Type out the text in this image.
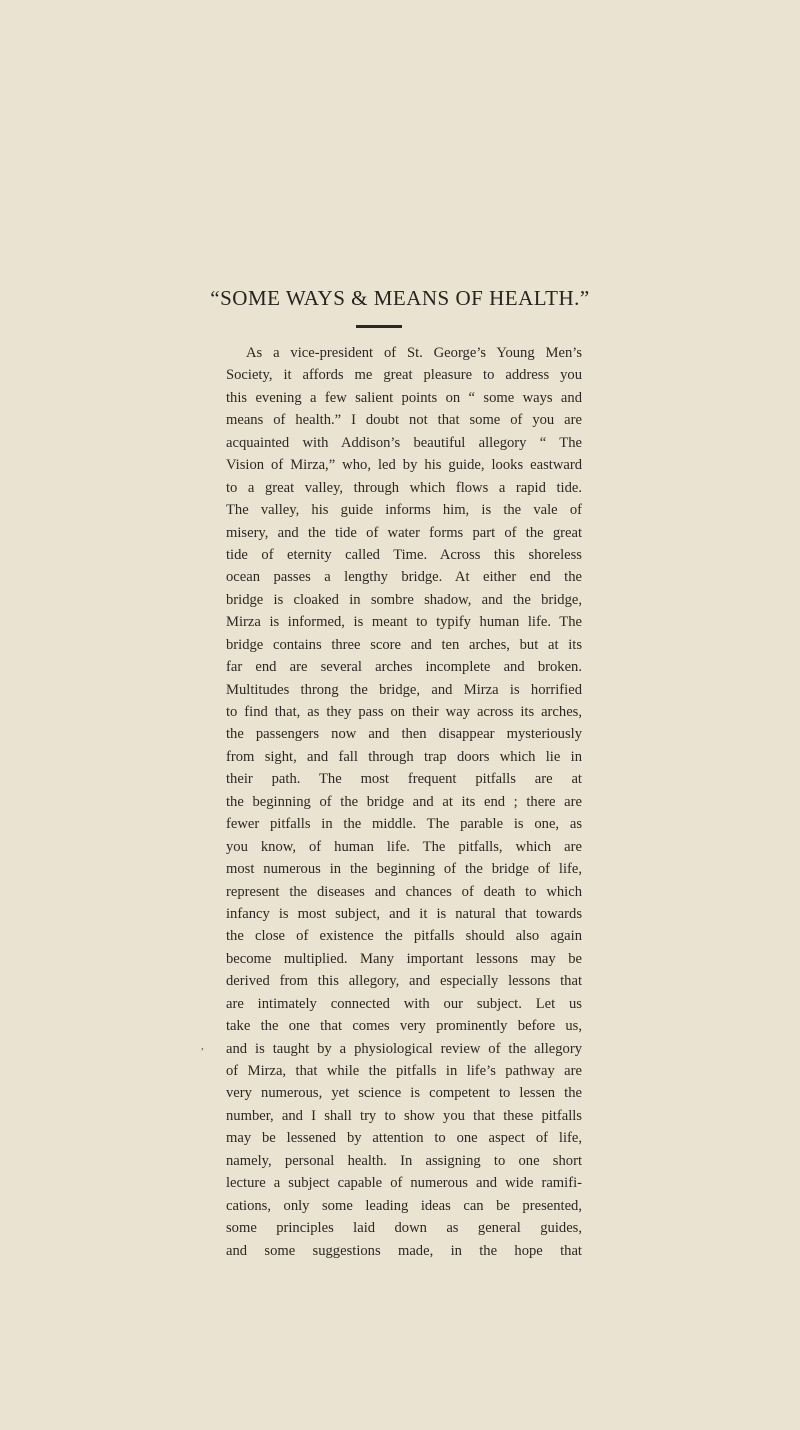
“SOME WAYS & MEANS OF HEALTH.”
As a vice-president of St. George’s Young Men’s
Society, it affords me great pleasure to address you
this evening a few salient points on “ some ways and
means of health.” I doubt not that some of you are
acquainted with Addison’s beautiful allegory “ The
Vision of Mirza,” who, led by his guide, looks eastward
to a great valley, through which flows a rapid tide.
The valley, his guide informs him, is the vale of
misery, and the tide of water forms part of the great
tide of eternity called Time. Across this shoreless
ocean passes a lengthy bridge. At either end the
bridge is cloaked in sombre shadow, and the bridge,
Mirza is informed, is meant to typify human life. The
bridge contains three score and ten arches, but at its
far end are several arches incomplete and broken.
Multitudes throng the bridge, and Mirza is horrified
to find that, as they pass on their way across its arches,
the passengers now and then disappear mysteriously
from sight, and fall through trap doors which lie in
their path. The most frequent pitfalls are at
the beginning of the bridge and at its end ; there are
fewer pitfalls in the middle. The parable is one, as
you know, of human life. The pitfalls, which are
most numerous in the beginning of the bridge of life,
represent the diseases and chances of death to which
infancy is most subject, and it is natural that towards
the close of existence the pitfalls should also again
become multiplied. Many important lessons may be
derived from this allegory, and especially lessons that
are intimately connected with our subject. Let us
take the one that comes very prominently before us,
and is taught by a physiological review of the allegory
of Mirza, that while the pitfalls in life’s pathway are
very numerous, yet science is competent to lessen the
number, and I shall try to show you that these pitfalls
may be lessened by attention to one aspect of life,
namely, personal health. In assigning to one short
lecture a subject capable of numerous and wide ramifi-
cations, only some leading ideas can be presented,
some principles laid down as general guides,
and some suggestions made, in the hope that
,
